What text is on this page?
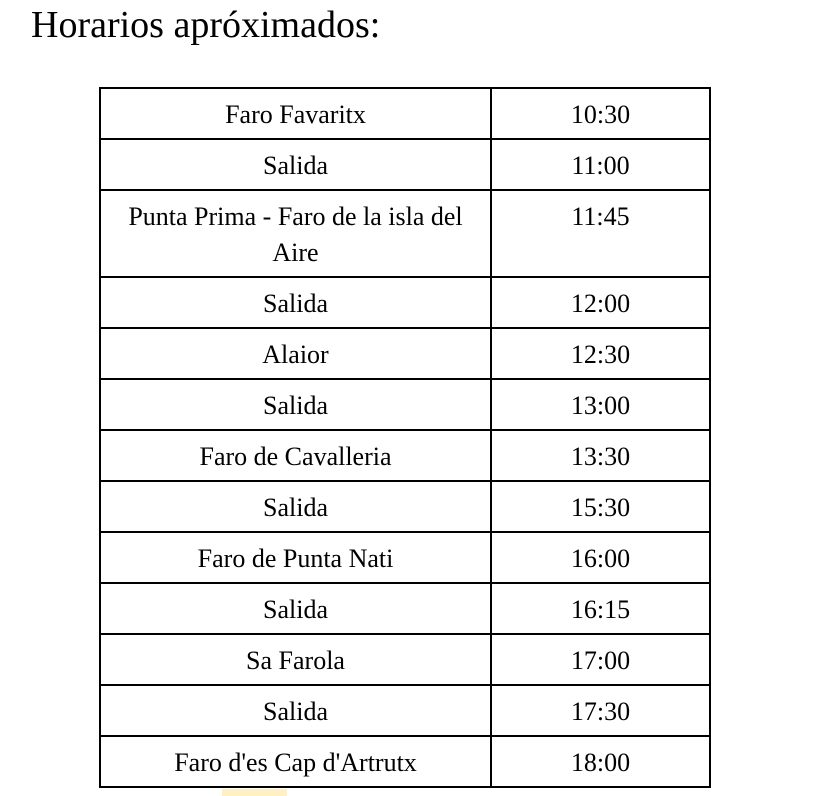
Horarios apróximados:
Faro Favaritx	10:30
Salida	11:00
Punta Prima - Faro de la isla del Aire	11:45
Salida	12:00
Alaior	12:30
Salida	13:00
Faro de Cavalleria	13:30
Salida	15:30
Faro de Punta Nati	16:00
Salida	16:15
Sa Farola	17:00
Salida	17:30
Faro d'es Cap d'Artrutx	18:00
